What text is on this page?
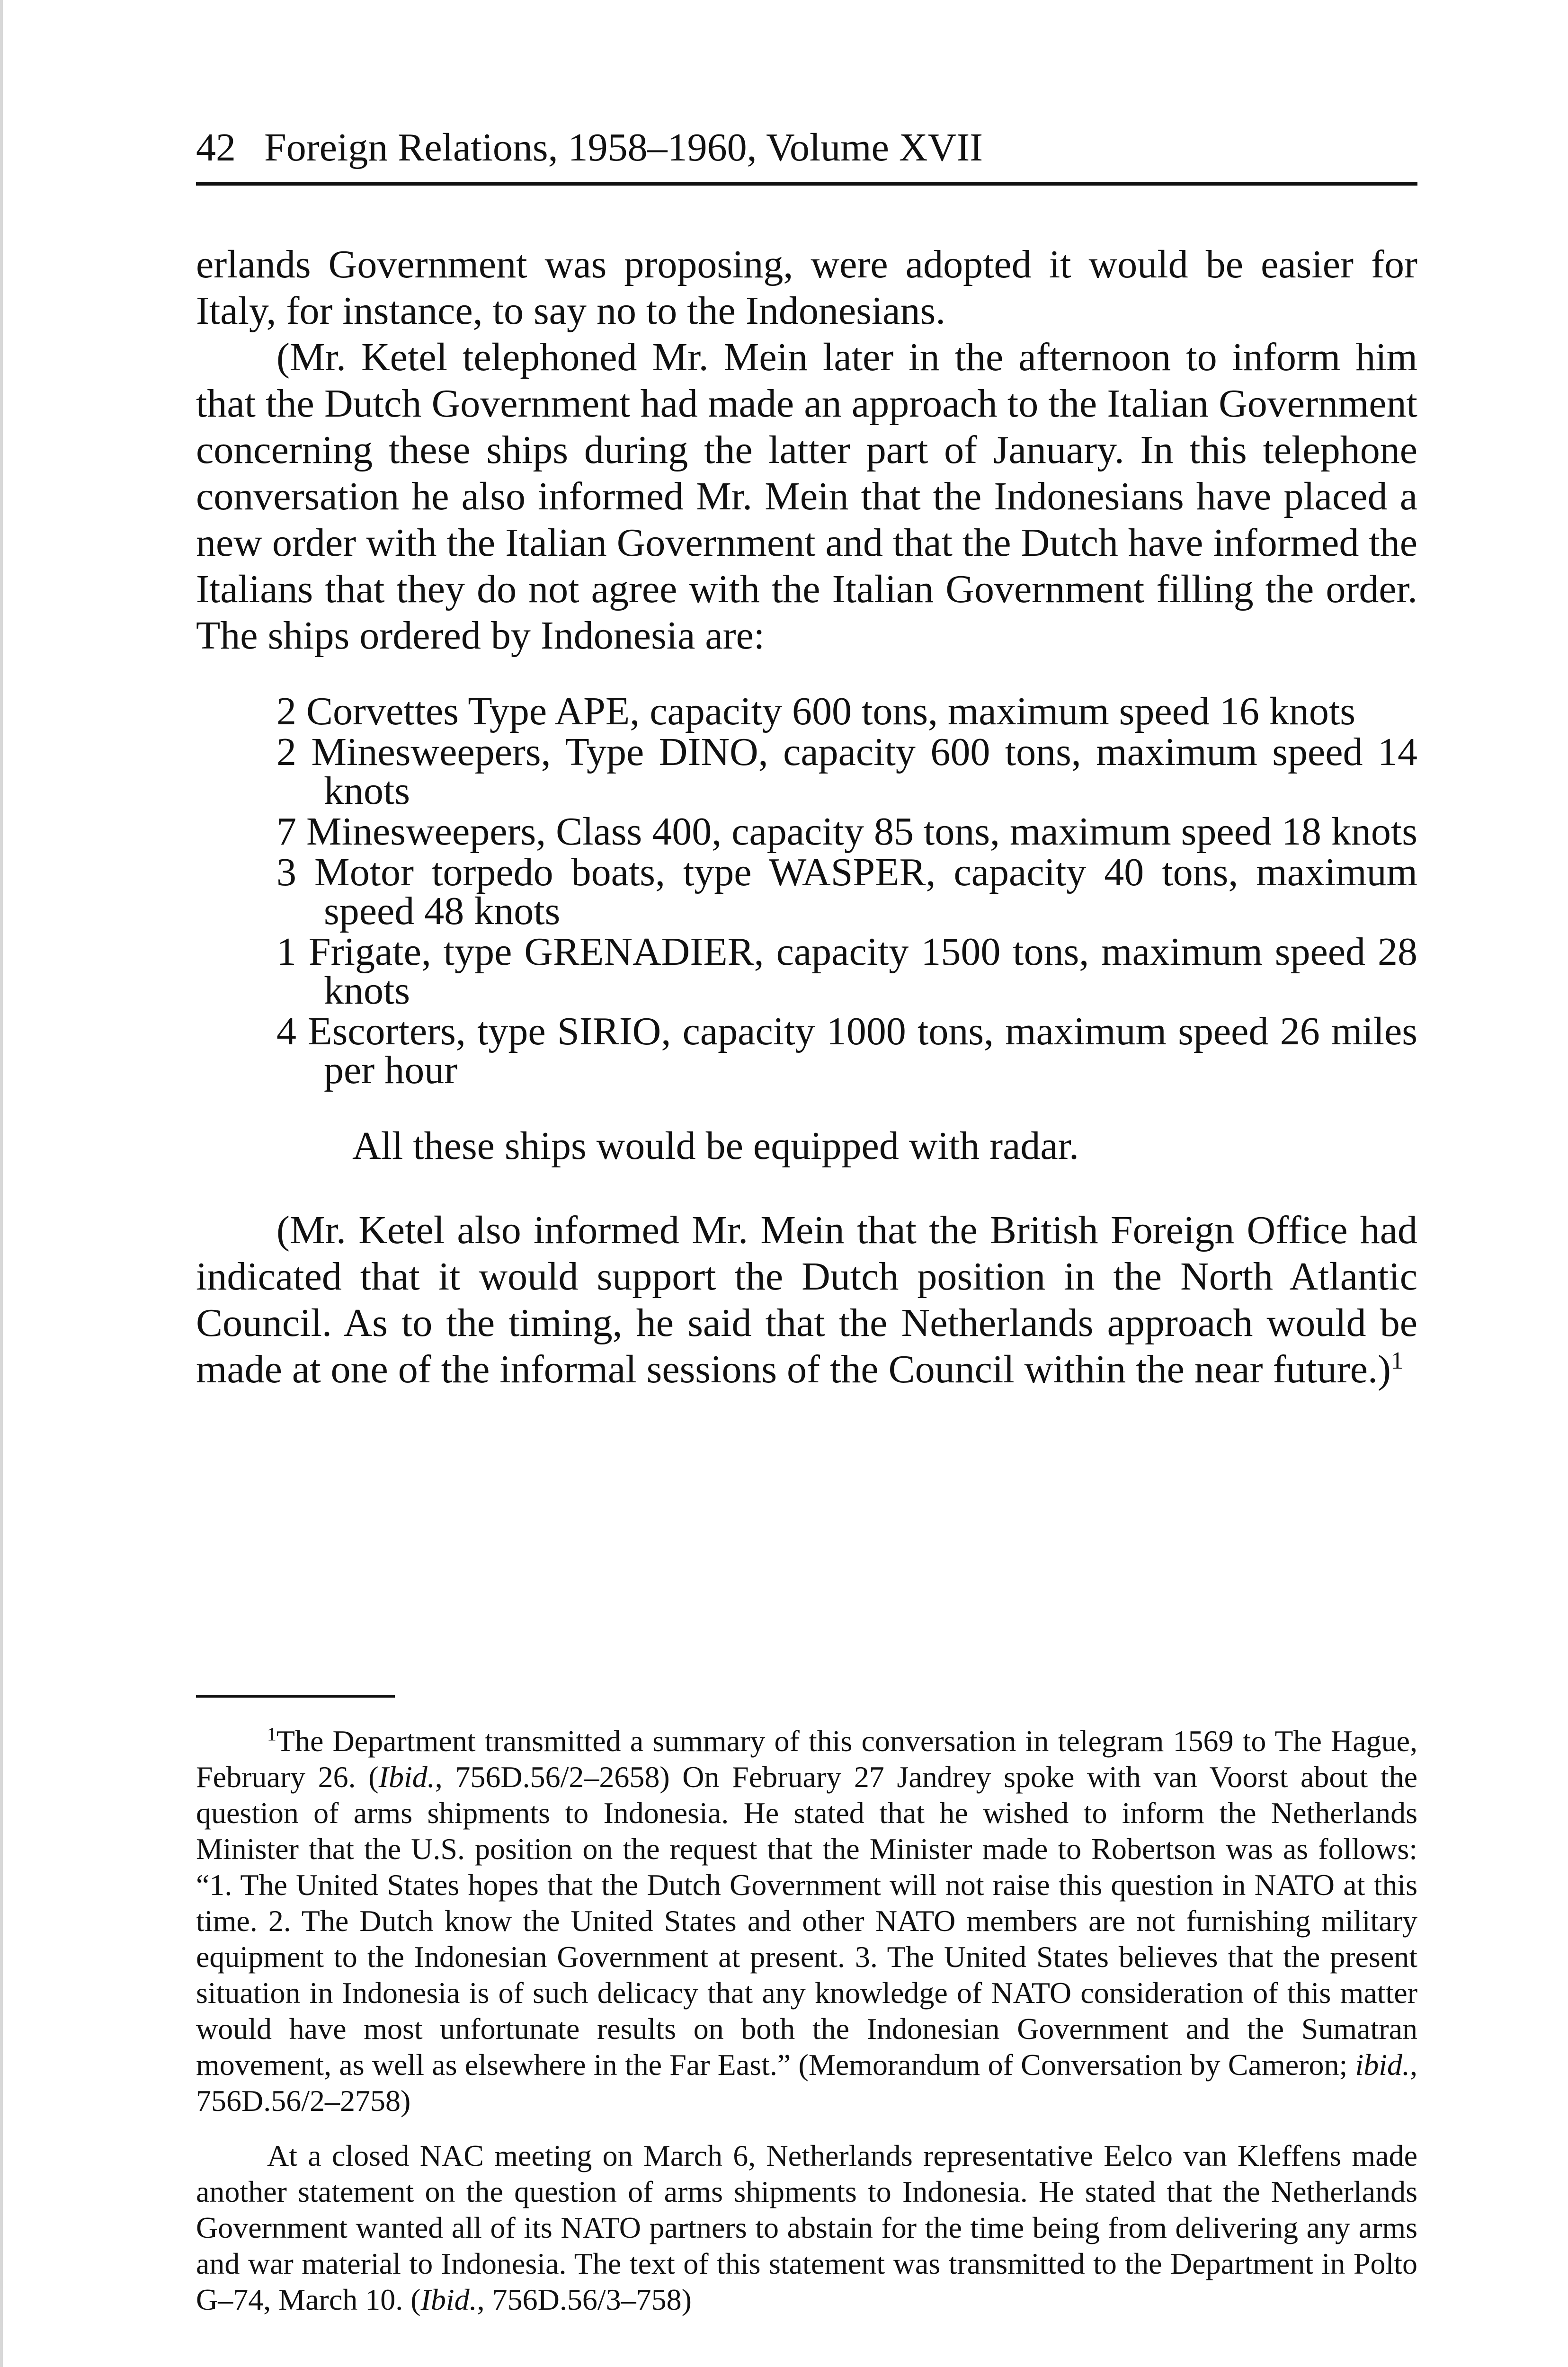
42 Foreign Relations, 1958–1960, Volume XVII

erlands Government was proposing, were adopted it would be easier for Italy, for instance, to say no to the Indonesians.

(Mr. Ketel telephoned Mr. Mein later in the afternoon to inform him that the Dutch Government had made an approach to the Italian Government concerning these ships during the latter part of January. In this telephone conversation he also informed Mr. Mein that the Indonesians have placed a new order with the Italian Government and that the Dutch have informed the Italians that they do not agree with the Italian Government filling the order. The ships ordered by Indonesia are:

2 Corvettes Type APE, capacity 600 tons, maximum speed 16 knots
2 Minesweepers, Type DINO, capacity 600 tons, maximum speed 14 knots
7 Minesweepers, Class 400, capacity 85 tons, maximum speed 18 knots
3 Motor torpedo boats, type WASPER, capacity 40 tons, maximum speed 48 knots
1 Frigate, type GRENADIER, capacity 1500 tons, maximum speed 28 knots
4 Escorters, type SIRIO, capacity 1000 tons, maximum speed 26 miles per hour

All these ships would be equipped with radar.

(Mr. Ketel also informed Mr. Mein that the British Foreign Office had indicated that it would support the Dutch position in the North Atlantic Council. As to the timing, he said that the Netherlands approach would be made at one of the informal sessions of the Council within the near future.)$^1$

$^1$The Department transmitted a summary of this conversation in telegram 1569 to The Hague, February 26. (Ibid., 756D.56/2–2658) On February 27 Jandrey spoke with van Voorst about the question of arms shipments to Indonesia. He stated that he wished to inform the Netherlands Minister that the U.S. position on the request that the Minister made to Robertson was as follows: “1. The United States hopes that the Dutch Government will not raise this question in NATO at this time. 2. The Dutch know the United States and other NATO members are not furnishing military equipment to the Indonesian Government at present. 3. The United States believes that the present situation in Indonesia is of such delicacy that any knowledge of NATO consideration of this matter would have most unfortunate results on both the Indonesian Government and the Sumatran movement, as well as elsewhere in the Far East.” (Memorandum of Conversation by Cameron; ibid., 756D.56/2–2758)

At a closed NAC meeting on March 6, Netherlands representative Eelco van Kleffens made another statement on the question of arms shipments to Indonesia. He stated that the Netherlands Government wanted all of its NATO partners to abstain for the time being from delivering any arms and war material to Indonesia. The text of this statement was transmitted to the Department in Polto G–74, March 10. (Ibid., 756D.56/3–758)
